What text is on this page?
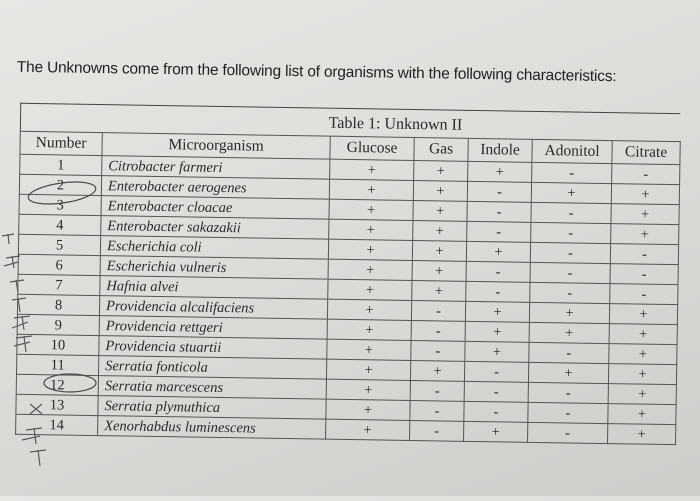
The Unknowns come from the following list of organisms with the following characteristics:
Table 1: Unknown II
Number	Microorganism	Glucose	Gas	Indole	Adonitol	Citrate
1	Citrobacter farmeri	+	+	+	-	-
2	Enterobacter aerogenes	+	+	-	+	+
3	Enterobacter cloacae	+	+	-	-	+
4	Enterobacter sakazakii	+	+	-	-	+
5	Escherichia coli	+	+	+	-	-
6	Escherichia vulneris	+	+	-	-	-
7	Hafnia alvei	+	+	-	-	-
8	Providencia alcalifaciens	+	-	+	+	+
9	Providencia rettgeri	+	-	+	+	+
10	Providencia stuartii	+	-	+	-	+
11	Serratia fonticola	+	+	-	+	+
12	Serratia marcescens	+	-	-	-	+
13	Serratia plymuthica	+	-	-	-	+
14	Xenorhabdus luminescens	+	-	+	-	+
